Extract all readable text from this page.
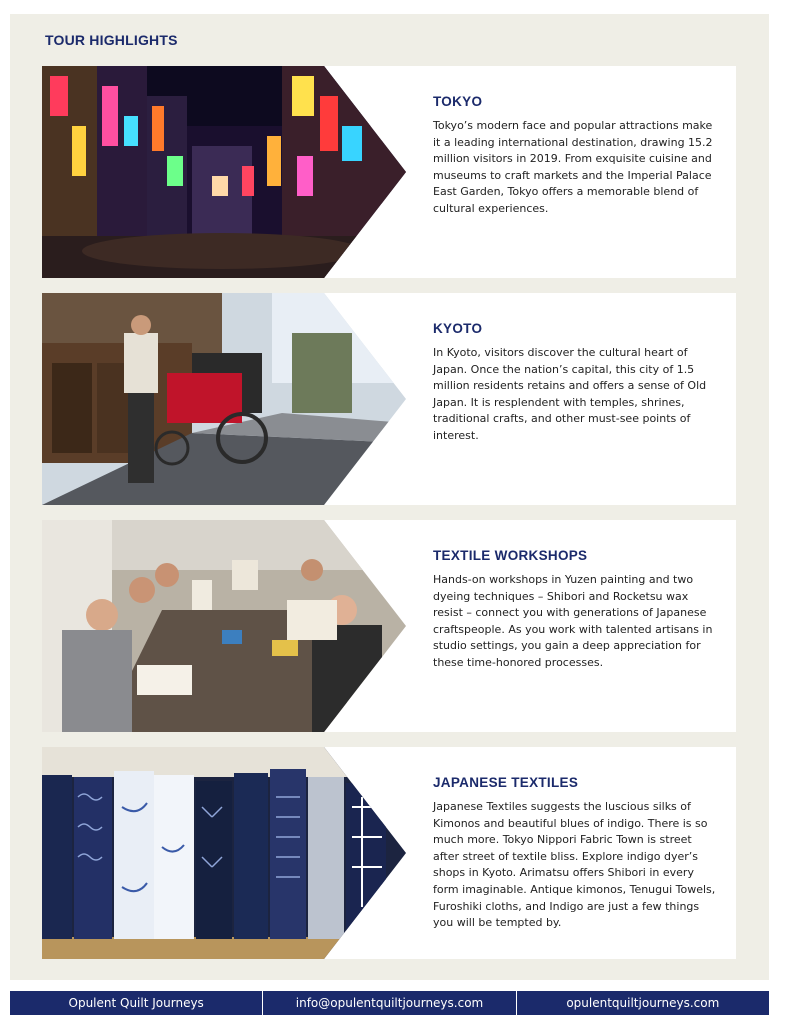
TOUR HIGHLIGHTS
TOKYO
Tokyo’s modern face and popular attractions make it a leading international destination, drawing 15.2 million visitors in 2019. From exquisite cuisine and museums to craft markets and the Imperial Palace East Garden, Tokyo offers a memorable blend of cultural experiences.
KYOTO
In Kyoto, visitors discover the cultural heart of Japan. Once the nation’s capital, this city of 1.5 million residents retains and offers a sense of Old Japan. It is resplendent with temples, shrines, traditional crafts, and other must-see points of interest.
TEXTILE WORKSHOPS
Hands-on workshops in Yuzen painting and two dyeing techniques – Shibori and Rocketsu wax resist – connect you with generations of Japanese craftspeople. As you work with talented artisans in studio settings, you gain a deep appreciation for these time-honored processes.
JAPANESE TEXTILES
Japanese Textiles suggests the luscious silks of Kimonos and beautiful blues of indigo. There is so much more. Tokyo Nippori Fabric Town is street after street of textile bliss. Explore indigo dyer’s shops in Kyoto. Arimatsu offers Shibori in every form imaginable. Antique kimonos, Tenugui Towels, Furoshiki cloths, and Indigo are just a few things you will be tempted by.
Opulent Quilt Journeys	info@opulentquiltjourneys.com	opulentquiltjourneys.com
